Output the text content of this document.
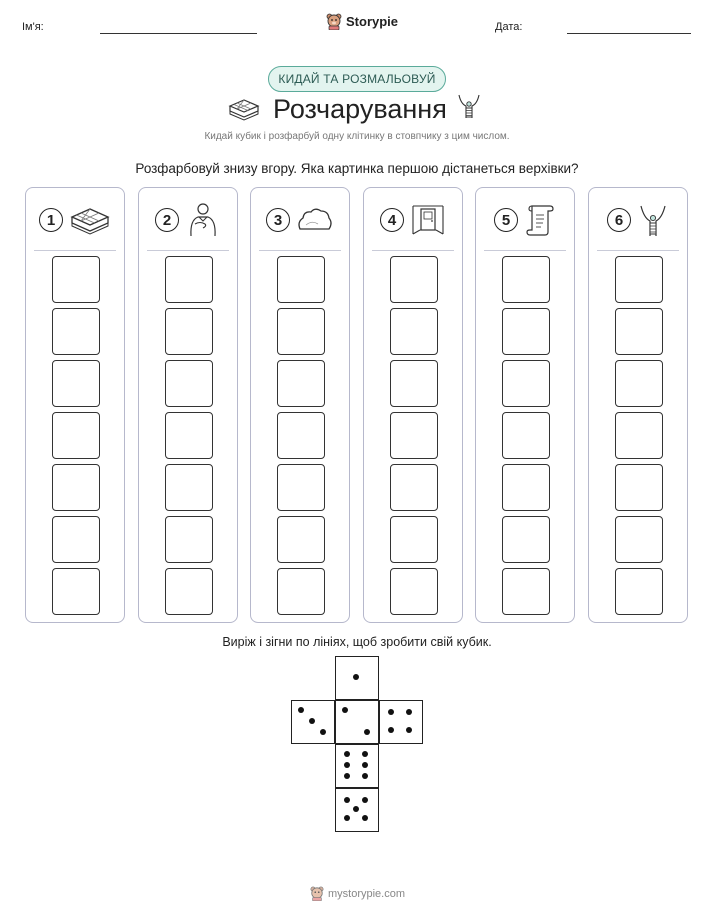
Ім'я:	Storypie	Дата:
КИДАЙ ТА РОЗМАЛЬОВУЙ
Розчарування
Кидай кубик і розфарбуй одну клітинку в стовпчику з цим числом.
Розфарбовуй знизу вгору. Яка картинка першою дістанеться верхівки?
1	2	3	4	5	6
Виріж і зігни по лініях, щоб зробити свій кубик.
mystorypie.com
